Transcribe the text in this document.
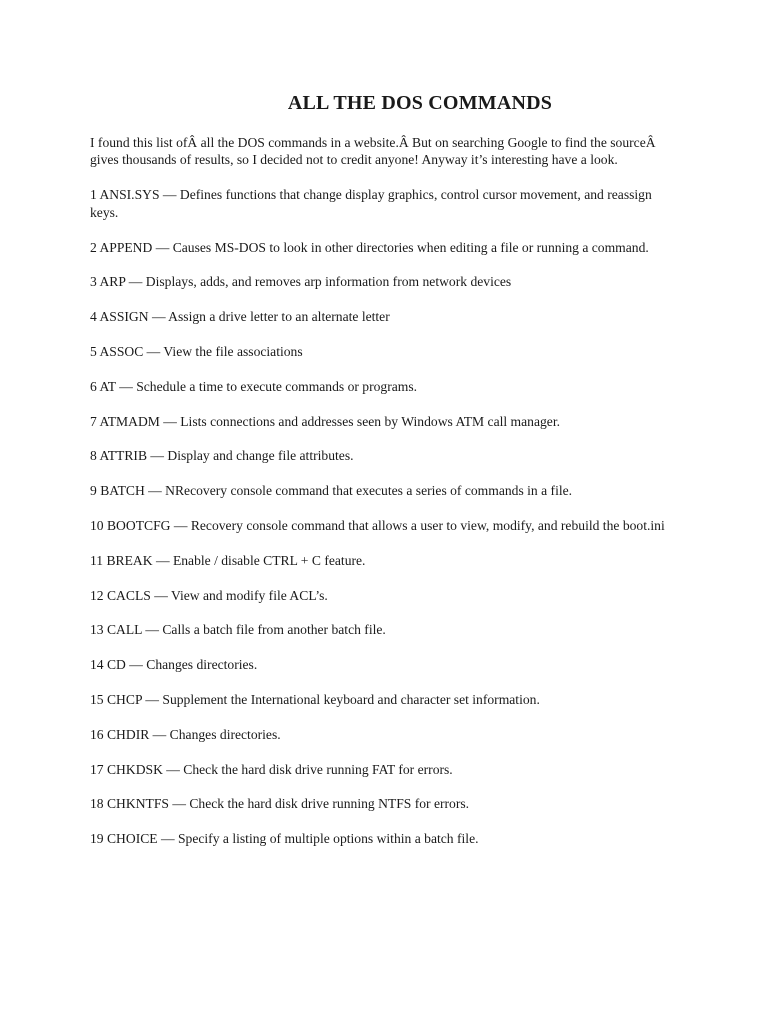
ALL THE DOS COMMANDS

I found this list ofÂ all the DOS commands in a website.Â But on searching Google to find the sourceÂ gives thousands of results, so I decided not to credit anyone! Anyway it’s interesting have a look.

1 ANSI.SYS — Defines functions that change display graphics, control cursor movement, and reassign keys.

2 APPEND — Causes MS-DOS to look in other directories when editing a file or running a command.

3 ARP — Displays, adds, and removes arp information from network devices

4 ASSIGN — Assign a drive letter to an alternate letter

5 ASSOC — View the file associations

6 AT — Schedule a time to execute commands or programs.

7 ATMADM — Lists connections and addresses seen by Windows ATM call manager.

8 ATTRIB — Display and change file attributes.

9 BATCH — NRecovery console command that executes a series of commands in a file.

10 BOOTCFG — Recovery console command that allows a user to view, modify, and rebuild the boot.ini

11 BREAK — Enable / disable CTRL + C feature.

12 CACLS — View and modify file ACL’s.

13 CALL — Calls a batch file from another batch file.

14 CD — Changes directories.

15 CHCP — Supplement the International keyboard and character set information.

16 CHDIR — Changes directories.

17 CHKDSK — Check the hard disk drive running FAT for errors.

18 CHKNTFS — Check the hard disk drive running NTFS for errors.

19 CHOICE — Specify a listing of multiple options within a batch file.
